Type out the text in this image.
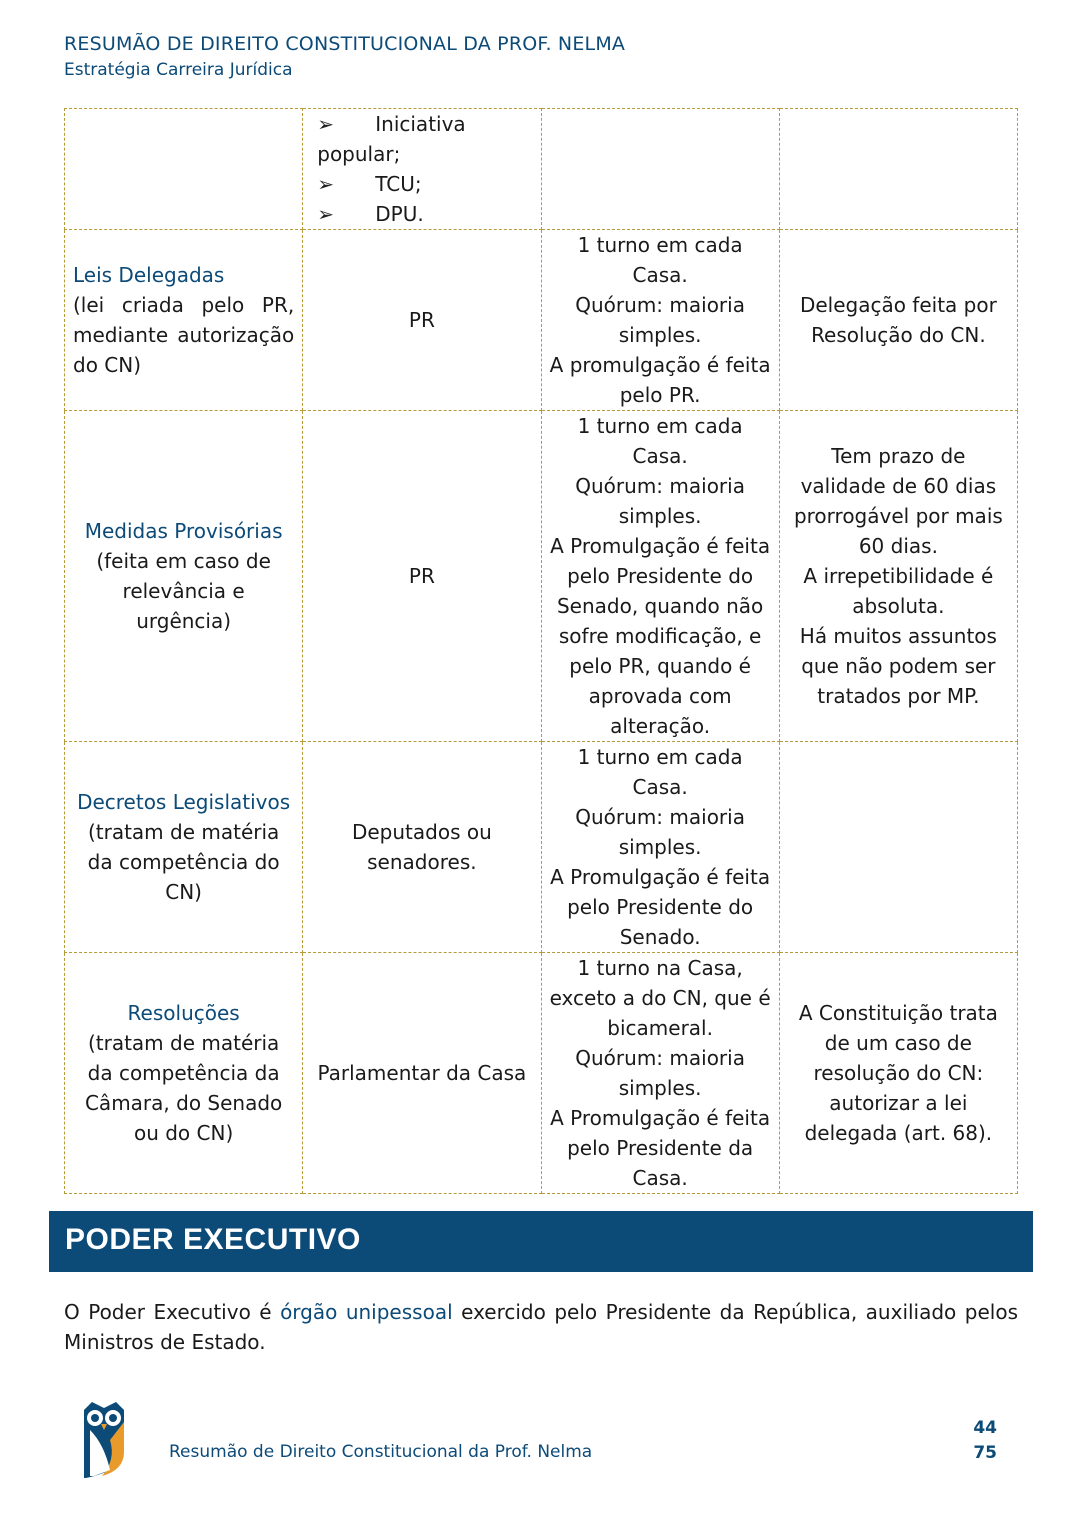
RESUMÃO DE DIREITO CONSTITUCIONAL DA PROF. NELMA
Estratégia Carreira Jurídica

	➢ Iniciativa popular;
➢ TCU;
➢ DPU.		

Leis Delegadas
(lei criada pelo PR, mediante autorização do CN)	PR	1 turno em cada Casa.
Quórum: maioria simples.
A promulgação é feita pelo PR.	Delegação feita por Resolução do CN.

Medidas Provisórias
(feita em caso de relevância e urgência)	PR	1 turno em cada Casa.
Quórum: maioria simples.
A Promulgação é feita pelo Presidente do Senado, quando não sofre modificação, e pelo PR, quando é aprovada com alteração.	Tem prazo de validade de 60 dias prorrogável por mais 60 dias.
A irrepetibilidade é absoluta.
Há muitos assuntos que não podem ser tratados por MP.

Decretos Legislativos
(tratam de matéria da competência do CN)	Deputados ou senadores.	1 turno em cada Casa.
Quórum: maioria simples.
A Promulgação é feita pelo Presidente do Senado.	

Resoluções
(tratam de matéria da competência da Câmara, do Senado ou do CN)	Parlamentar da Casa	1 turno na Casa, exceto a do CN, que é bicameral.
Quórum: maioria simples.
A Promulgação é feita pelo Presidente da Casa.	A Constituição trata de um caso de resolução do CN: autorizar a lei delegada (art. 68).
PODER EXECUTIVO
O Poder Executivo é órgão unipessoal exercido pelo Presidente da República, auxiliado pelos Ministros de Estado.
Resumão de Direito Constitucional da Prof. Nelma
44
75
